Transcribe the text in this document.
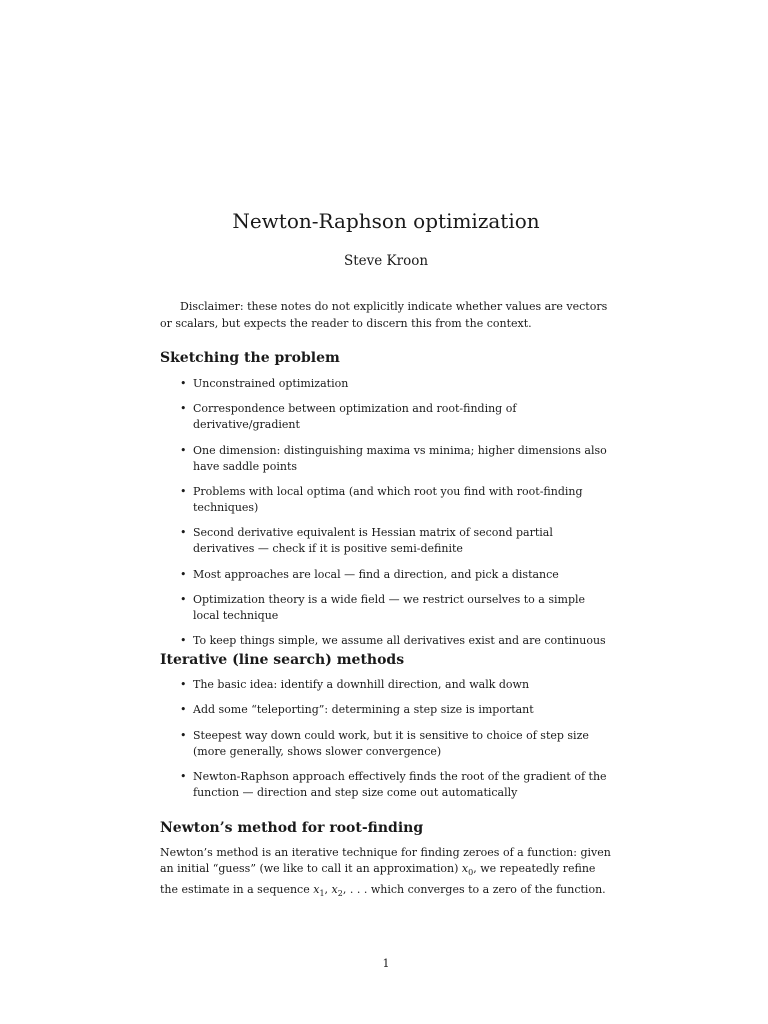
Newton-Raphson optimization
Steve Kroon

Disclaimer: these notes do not explicitly indicate whether values are vectors or scalars, but expects the reader to discern this from the context.

Sketching the problem
• Unconstrained optimization
• Correspondence between optimization and root-finding of derivative/gradient
• One dimension: distinguishing maxima vs minima; higher dimensions also have saddle points
• Problems with local optima (and which root you find with root-finding techniques)
• Second derivative equivalent is Hessian matrix of second partial derivatives — check if it is positive semi-definite
• Most approaches are local — find a direction, and pick a distance
• Optimization theory is a wide field — we restrict ourselves to a simple local technique
• To keep things simple, we assume all derivatives exist and are continuous
Iterative (line search) methods
• The basic idea: identify a downhill direction, and walk down
• Add some “teleporting”: determining a step size is important
• Steepest way down could work, but it is sensitive to choice of step size (more generally, shows slower convergence)
• Newton-Raphson approach effectively finds the root of the gradient of the function — direction and step size come out automatically
Newton’s method for root-finding

Newton’s method is an iterative technique for finding zeroes of a function: given an initial “guess” (we like to call it an approximation) $x_0$, we repeatedly refine the estimate in a sequence $x_1$, $x_2$, . . . which converges to a zero of the function.

1
